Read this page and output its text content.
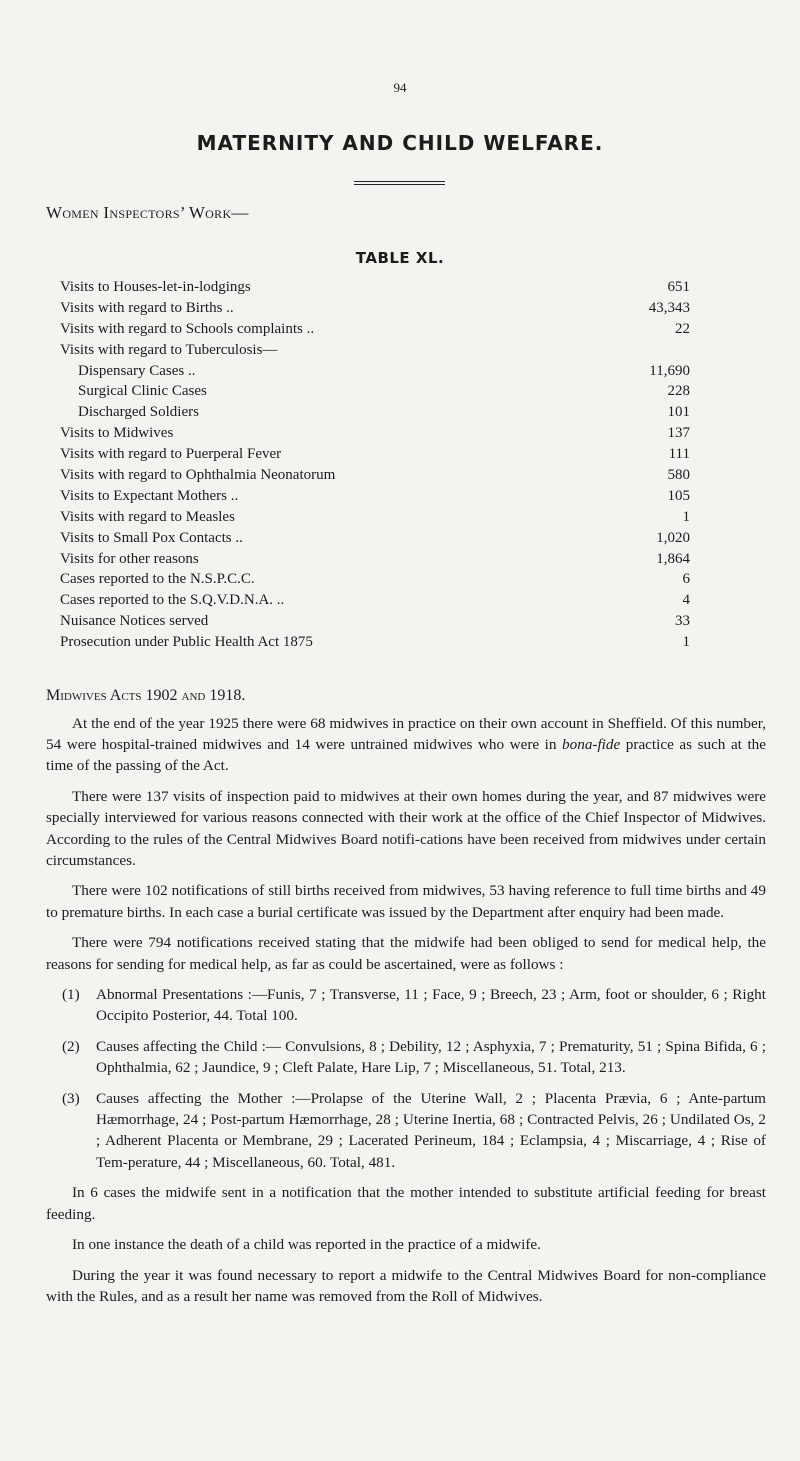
94
MATERNITY AND CHILD WELFARE.
Women Inspectors’ Work—
TABLE XL.
Visits to Houses-let-in-lodgings	651
Visits with regard to Births ..	43,343
Visits with regard to Schools complaints ..	22
Visits with regard to Tuberculosis—
Dispensary Cases ..	11,690
Surgical Clinic Cases	228
Discharged Soldiers	101
Visits to Midwives	137
Visits with regard to Puerperal Fever	111
Visits with regard to Ophthalmia Neonatorum	580
Visits to Expectant Mothers ..	105
Visits with regard to Measles	1
Visits to Small Pox Contacts ..	1,020
Visits for other reasons	1,864
Cases reported to the N.S.P.C.C.	6
Cases reported to the S.Q.V.D.N.A. ..	4
Nuisance Notices served	33
Prosecution under Public Health Act 1875	1
Midwives Acts 1902 and 1918.

At the end of the year 1925 there were 68 midwives in practice on their own account in Sheffield. Of this number, 54 were hospital-trained midwives and 14 were untrained midwives who were in bona-fide practice as such at the time of the passing of the Act.

There were 137 visits of inspection paid to midwives at their own homes during the year, and 87 midwives were specially interviewed for various reasons connected with their work at the office of the Chief Inspector of Midwives. According to the rules of the Central Midwives Board notifi-cations have been received from midwives under certain circumstances.

There were 102 notifications of still births received from midwives, 53 having reference to full time births and 49 to premature births. In each case a burial certificate was issued by the Department after enquiry had been made.

There were 794 notifications received stating that the midwife had been obliged to send for medical help, the reasons for sending for medical help, as far as could be ascertained, were as follows :

(1) Abnormal Presentations :—Funis, 7 ; Transverse, 11 ; Face, 9 ; Breech, 23 ; Arm, foot or shoulder, 6 ; Right Occipito Posterior, 44. Total 100.
(2) Causes affecting the Child :— Convulsions, 8 ; Debility, 12 ; Asphyxia, 7 ; Prematurity, 51 ; Spina Bifida, 6 ; Ophthalmia, 62 ; Jaundice, 9 ; Cleft Palate, Hare Lip, 7 ; Miscellaneous, 51. Total, 213.
(3) Causes affecting the Mother :—Prolapse of the Uterine Wall, 2 ; Placenta Prævia, 6 ; Ante-partum Hæmorrhage, 24 ; Post-partum Hæmorrhage, 28 ; Uterine Inertia, 68 ; Contracted Pelvis, 26 ; Undilated Os, 2 ; Adherent Placenta or Membrane, 29 ; Lacerated Perineum, 184 ; Eclampsia, 4 ; Miscarriage, 4 ; Rise of Tem-perature, 44 ; Miscellaneous, 60. Total, 481.

In 6 cases the midwife sent in a notification that the mother intended to substitute artificial feeding for breast feeding.

In one instance the death of a child was reported in the practice of a midwife.

During the year it was found necessary to report a midwife to the Central Midwives Board for non-compliance with the Rules, and as a result her name was removed from the Roll of Midwives.
